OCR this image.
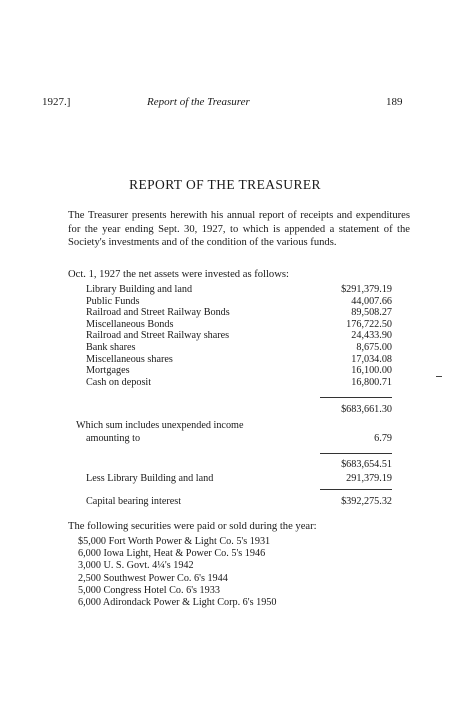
1927.]	Report of the Treasurer	189
REPORT OF THE TREASURER

The Treasurer presents herewith his annual report of receipts and expenditures for the year ending Sept. 30, 1927, to which is appended a statement of the Society's investments and of the condition of the various funds.

Oct. 1, 1927 the net assets were invested as follows:
Library Building and land	$291,379.19
Public Funds	44,007.66
Railroad and Street Railway Bonds	89,508.27
Miscellaneous Bonds	176,722.50
Railroad and Street Railway shares	24,433.90
Bank shares	8,675.00
Miscellaneous shares	17,034.08
Mortgages	16,100.00
Cash on deposit	16,800.71
$683,661.30
Which sum includes unexpended income
amounting to	6.79
$683,654.51
Less Library Building and land	291,379.19
Capital bearing interest	$392,275.32
The following securities were paid or sold during the year:
$5,000 Fort Worth Power & Light Co. 5's 1931
6,000 Iowa Light, Heat & Power Co. 5's 1946
3,000 U. S. Govt. 4¼'s 1942
2,500 Southwest Power Co. 6's 1944
5,000 Congress Hotel Co. 6's 1933
6,000 Adirondack Power & Light Corp. 6's 1950
